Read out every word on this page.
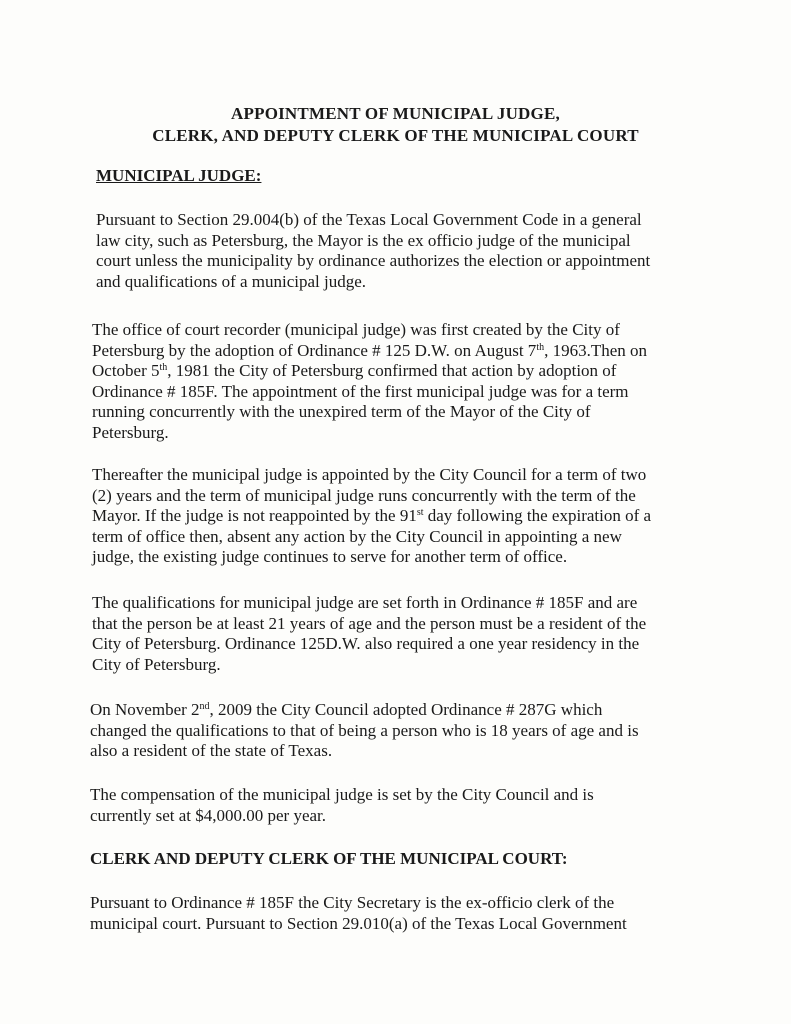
APPOINTMENT OF MUNICIPAL JUDGE,
CLERK, AND DEPUTY CLERK OF THE MUNICIPAL COURT
MUNICIPAL JUDGE:

Pursuant to Section 29.004(b) of the Texas Local Government Code in a general
law city, such as Petersburg, the Mayor is the ex officio judge of the municipal
court unless the municipality by ordinance authorizes the election or appointment
and qualifications of a municipal judge.

The office of court recorder (municipal judge) was first created by the City of
Petersburg by the adoption of Ordinance # 125 D.W. on August 7th, 1963.Then on
October 5th, 1981 the City of Petersburg confirmed that action by adoption of
Ordinance # 185F. The appointment of the first municipal judge was for a term
running concurrently with the unexpired term of the Mayor of the City of
Petersburg.

Thereafter the municipal judge is appointed by the City Council for a term of two
(2) years and the term of municipal judge runs concurrently with the term of the
Mayor. If the judge is not reappointed by the 91st day following the expiration of a
term of office then, absent any action by the City Council in appointing a new
judge, the existing judge continues to serve for another term of office.

The qualifications for municipal judge are set forth in Ordinance # 185F and are
that the person be at least 21 years of age and the person must be a resident of the
City of Petersburg. Ordinance 125D.W. also required a one year residency in the
City of Petersburg.

On November 2nd, 2009 the City Council adopted Ordinance # 287G which
changed the qualifications to that of being a person who is 18 years of age and is
also a resident of the state of Texas.

The compensation of the municipal judge is set by the City Council and is
currently set at $4,000.00 per year.

CLERK AND DEPUTY CLERK OF THE MUNICIPAL COURT:

Pursuant to Ordinance # 185F the City Secretary is the ex-officio clerk of the
municipal court. Pursuant to Section 29.010(a) of the Texas Local Government
